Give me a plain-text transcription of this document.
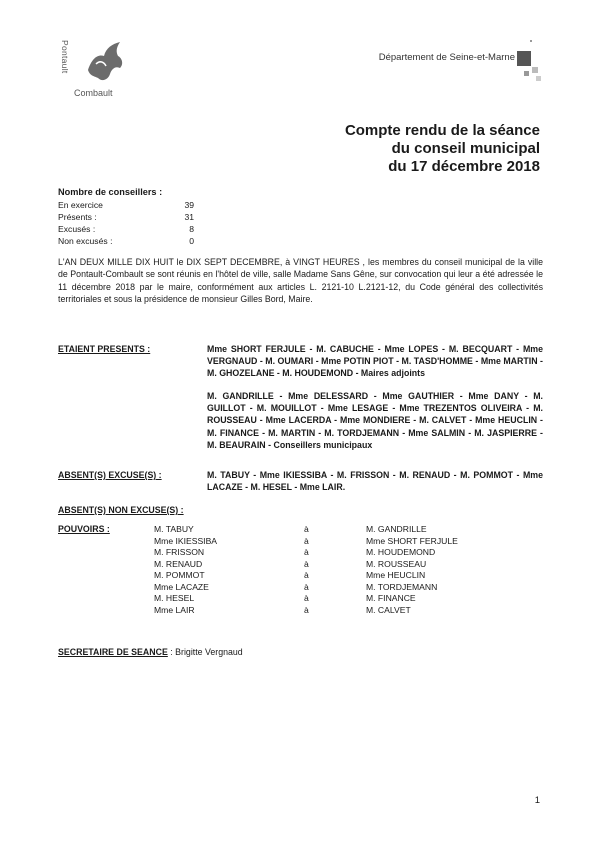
Pontault
Combault
Département de Seine-et-Marne
Compte rendu de la séance
du conseil municipal
du 17 décembre 2018
Nombre de conseillers :
En exercice	39
Présents :	31
Excusés :	8
Non excusés :	0
L'AN DEUX MILLE DIX HUIT le DIX SEPT DECEMBRE, à VINGT HEURES , les membres du conseil municipal de la ville de Pontault-Combault se sont réunis en l'hôtel de ville, salle Madame Sans Gêne, sur convocation qui leur a été adressée le 11 décembre 2018 par le maire, conformément aux articles L. 2121-10 L.2121-12, du Code général des collectivités territoriales et sous la présidence de monsieur Gilles Bord, Maire.
ETAIENT PRESENTS :	Mme SHORT FERJULE - M. CABUCHE - Mme LOPES - M. BECQUART - Mme VERGNAUD - M. OUMARI - Mme POTIN PIOT - M. TASD'HOMME - Mme MARTIN - M. GHOZELANE - M. HOUDEMOND - Maires adjoints
M. GANDRILLE - Mme DELESSARD - Mme GAUTHIER - Mme DANY - M. GUILLOT - M. MOUILLOT - Mme LESAGE - Mme TREZENTOS OLIVEIRA - M. ROUSSEAU - Mme LACERDA - Mme MONDIERE - M. CALVET - Mme HEUCLIN - M. FINANCE - M. MARTIN - M. TORDJEMANN - Mme SALMIN - M. JASPIERRE - M. BEAURAIN - Conseillers municipaux
ABSENT(S) EXCUSE(S) :	M. TABUY - Mme IKIESSIBA - M. FRISSON - M. RENAUD - M. POMMOT - Mme LACAZE - M. HESEL - Mme LAIR.
ABSENT(S) NON EXCUSE(S) :
POUVOIRS :	M. TABUY	à	M. GANDRILLE
	Mme IKIESSIBA	à	Mme SHORT FERJULE
	M. FRISSON	à	M. HOUDEMOND
	M. RENAUD	à	M. ROUSSEAU
	M. POMMOT	à	Mme HEUCLIN
	Mme LACAZE	à	M. TORDJEMANN
	M. HESEL	à	M. FINANCE
	Mme LAIR	à	M. CALVET
SECRETAIRE DE SEANCE : Brigitte Vergnaud
1
